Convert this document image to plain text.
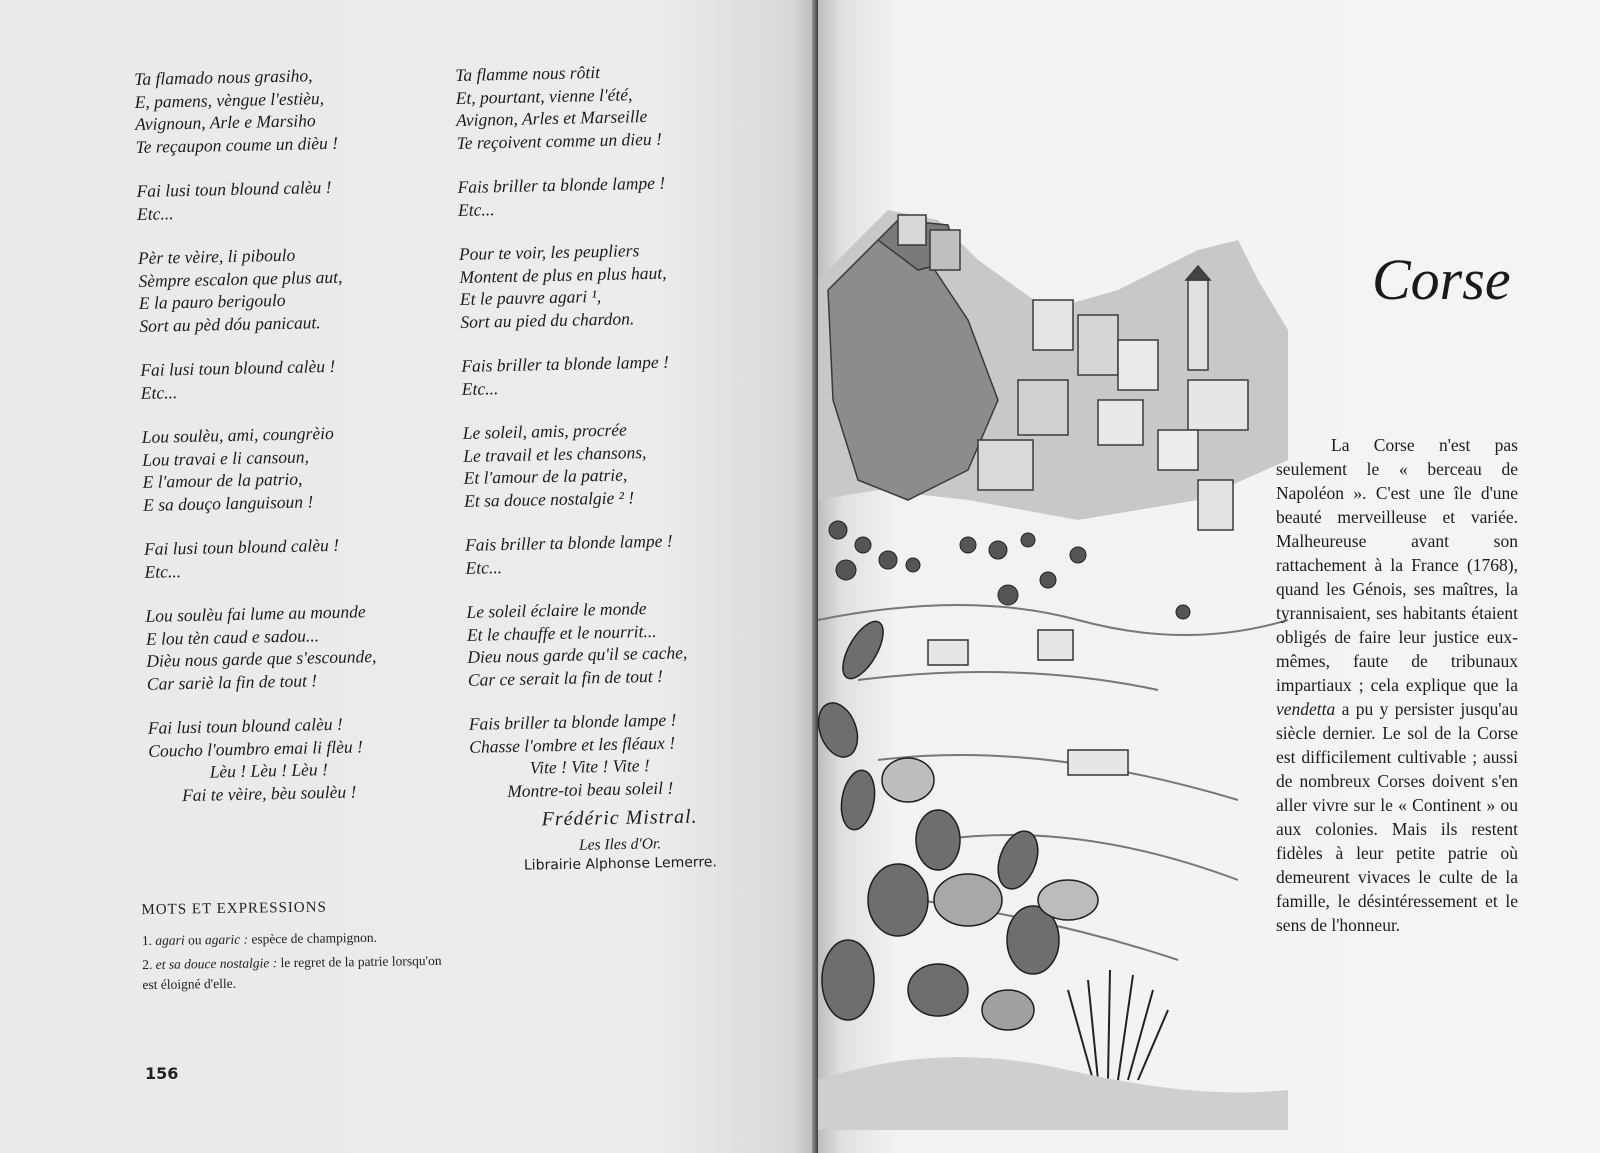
Ta flamado nous grasiho,
E, pamens, vèngue l'estièu,
Avignoun, Arle e Marsiho
Te reçaupon coume un dièu !
Fai lusi toun blound calèu !
Etc...
Pèr te vèire, li piboulo
Sèmpre escalon que plus aut,
E la pauro berigoulo
Sort au pèd dóu panicaut.
Fai lusi toun blound calèu !
Etc...
Lou soulèu, ami, coungrèio
Lou travai e li cansoun,
E l'amour de la patrio,
E sa douço languisoun !
Fai lusi toun blound calèu !
Etc...
Lou soulèu fai lume au mounde
E lou tèn caud e sadou...
Dièu nous garde que s'escounde,
Car sariè la fin de tout !
Fai lusi toun blound calèu !
Coucho l'oumbro emai li flèu !
Lèu ! Lèu ! Lèu !
Fai te vèire, bèu soulèu !
Ta flamme nous rôtit
Et, pourtant, vienne l'été,
Avignon, Arles et Marseille
Te reçoivent comme un dieu !
Fais briller ta blonde lampe !
Etc...
Pour te voir, les peupliers
Montent de plus en plus haut,
Et le pauvre agari ¹,
Sort au pied du chardon.
Fais briller ta blonde lampe !
Etc...
Le soleil, amis, procrée
Le travail et les chansons,
Et l'amour de la patrie,
Et sa douce nostalgie ² !
Fais briller ta blonde lampe !
Etc...
Le soleil éclaire le monde
Et le chauffe et le nourrit...
Dieu nous garde qu'il se cache,
Car ce serait la fin de tout !
Fais briller ta blonde lampe !
Chasse l'ombre et les fléaux !
Vite ! Vite ! Vite !
Montre-toi beau soleil !
Frédéric Mistral.
Les Iles d'Or.
Librairie Alphonse Lemerre.
MOTS ET EXPRESSIONS
1. agari ou agaric : espèce de champignon.
2. et sa douce nostalgie : le regret de la patrie lorsqu'on est éloigné d'elle.
156
Corse

La Corse n'est pas seulement le « berceau de Napoléon ». C'est une île d'une beauté merveilleuse et variée. Malheureuse avant son rattachement à la France (1768), quand les Génois, ses maîtres, la tyrannisaient, ses habitants étaient obligés de faire leur justice eux-mêmes, faute de tribunaux impartiaux ; cela explique que la vendetta a pu y persister jusqu'au siècle dernier. Le sol de la Corse est difficilement cultivable ; aussi de nombreux Corses doivent s'en aller vivre sur le « Continent » ou aux colonies. Mais ils restent fidèles à leur petite patrie où demeurent vivaces le culte de la famille, le désintéressement et le sens de l'honneur.
